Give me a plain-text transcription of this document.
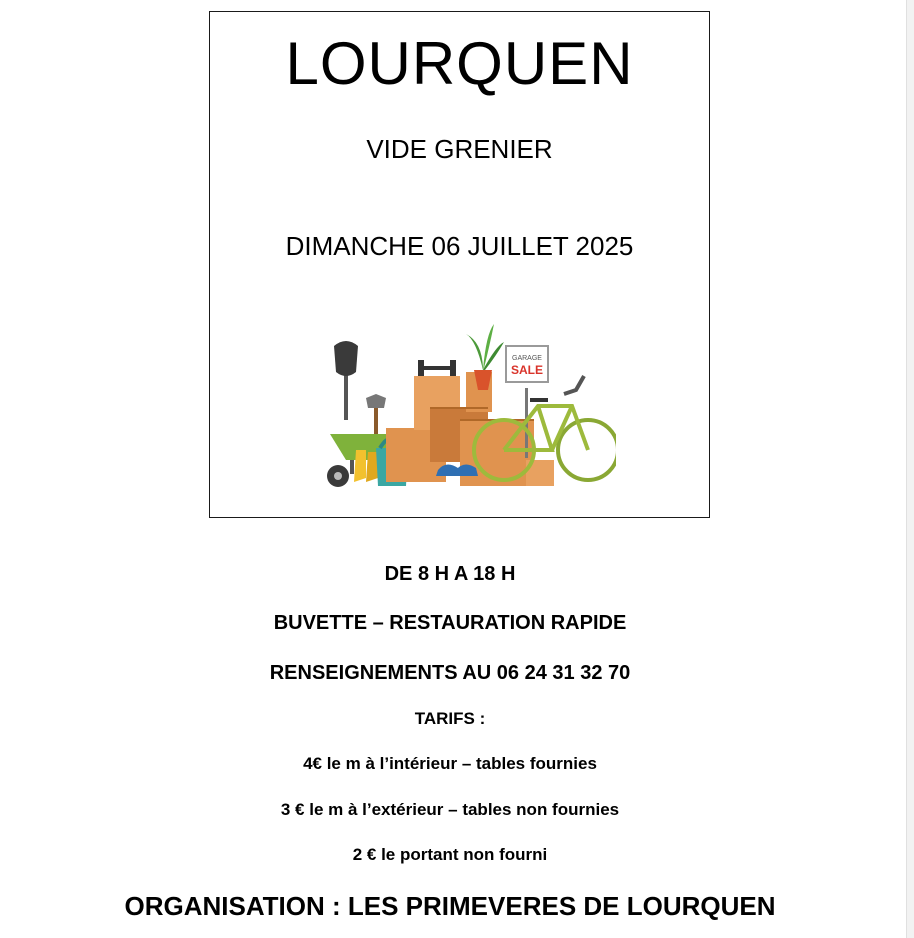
LOURQUEN
VIDE GRENIER
DIMANCHE 06 JUILLET 2025
GARAGE
SALE
DE 8 H A 18 H
BUVETTE – RESTAURATION RAPIDE
RENSEIGNEMENTS AU 06 24 31 32 70
TARIFS :
4€ le m à l’intérieur – tables fournies
3 € le m à l’extérieur – tables non fournies
2 € le portant non fourni
ORGANISATION : LES PRIMEVERES DE LOURQUEN
